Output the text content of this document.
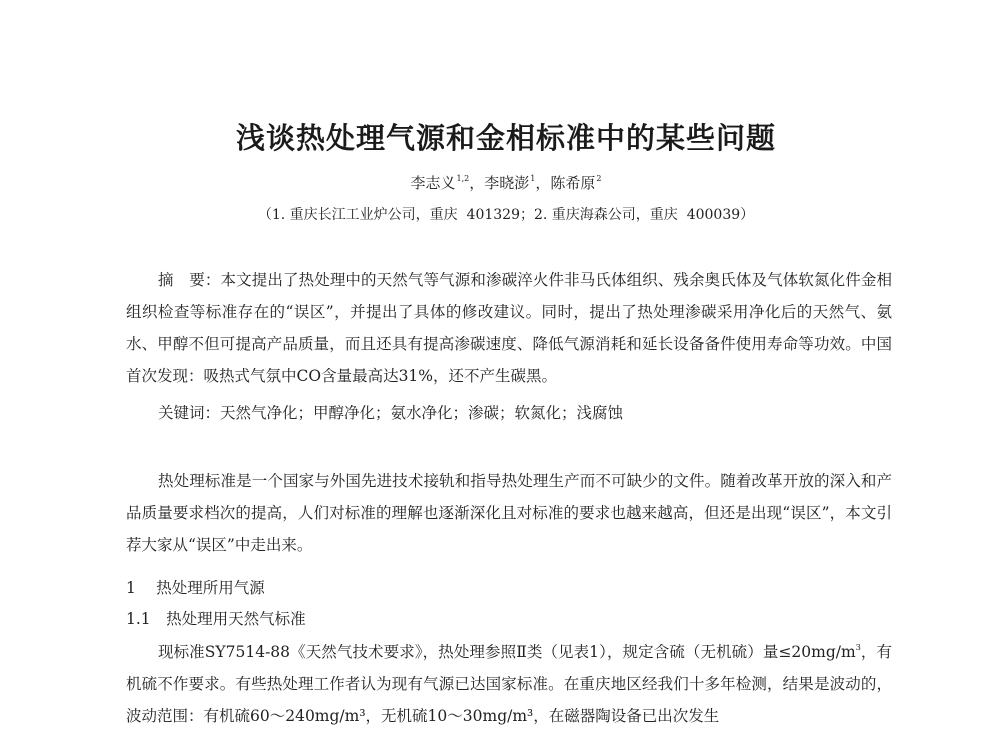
浅谈热处理气源和金相标准中的某些问题
李志义$^{1,2}$，李晓澎$^1$，陈希原$^2$
（1. 重庆长江工业炉公司，重庆  401329；2. 重庆海森公司，重庆  400039）

摘　要：本文提出了热处理中的天然气等气源和渗碳淬火件非马氏体组织、残余奥氏体及气体软氮化件金相组织检查等标准存在的“误区”，并提出了具体的修改建议。同时，提出了热处理渗碳采用净化后的天然气、氨水、甲醇不但可提高产品质量，而且还具有提高渗碳速度、降低气源消耗和延长设备备件使用寿命等功效。中国首次发现：吸热式气氛中CO含量最高达31%，还不产生碳黑。

关键词：天然气净化；甲醇净化；氨水净化；渗碳；软氮化；浅腐蚀

热处理标准是一个国家与外国先进技术接轨和指导热处理生产而不可缺少的文件。随着改革开放的深入和产品质量要求档次的提高，人们对标准的理解也逐渐深化且对标准的要求也越来越高，但还是出现“误区”，本文引荐大家从“误区”中走出来。

1　 热处理所用气源
1.1　热处理用天然气标准

现标准SY7514-88《天然气技术要求》，热处理参照Ⅱ类（见表1），规定含硫（无机硫）量$\le 20mg/m^3$，有机硫不作要求。有些热处理工作者认为现有气源已达国家标准。在重庆地区经我们十多年检测，结果是波动的，波动范围：有机硫60～240mg/m³，无机硫10～30mg/m³，在磁器陶设备已出次发生
